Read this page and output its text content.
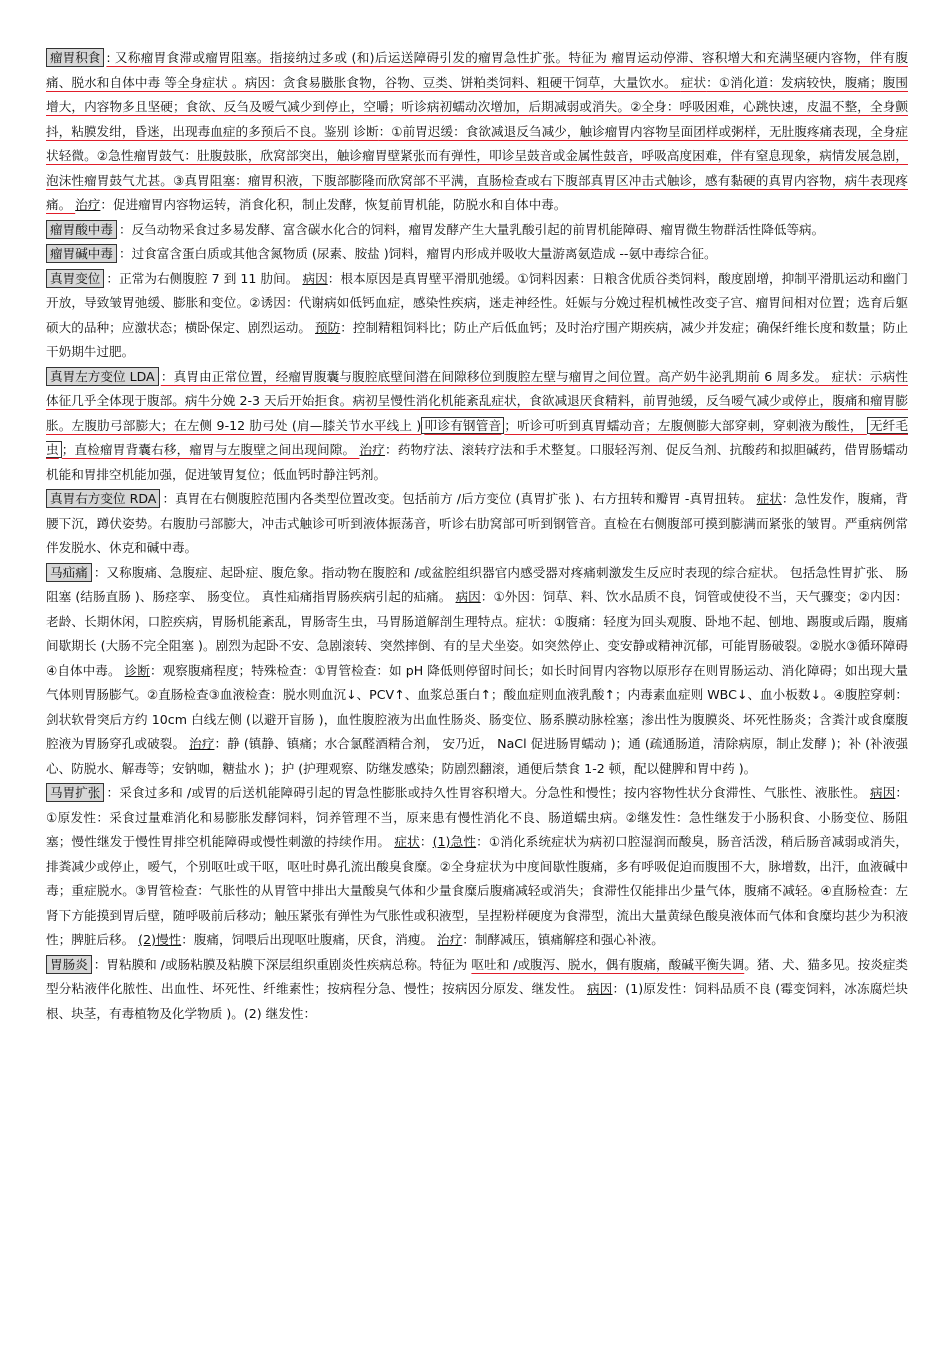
瘤胃积食 : 又称瘤胃食滞或瘤胃阻塞。指接纳过多或 (和)后运送障碍引发的瘤胃急性扩张。特征为 瘤胃运动停滞、容积增大和充满坚硬内容物，伴有腹痛、脱水和自体中毒 等全身症状 。病因：贪食易臌胀食物，谷物、豆类、饼粕类饲料、粗硬干饲草，大量饮水。 症状：①消化道：发病较快，腹痛；腹围增大，内容物多且坚硬；食欲、反刍及嗳气减少到停止，空嚼；听诊病初蠕动次增加，后期减弱或消失。②全身：呼吸困难，心跳快速，皮温不整，全身颤抖，粘膜发绀，昏迷，出现毒血症的多预后不良。鉴别 诊断：①前胃迟缓：食欲减退反刍减少，触诊瘤胃内容物呈面团样或粥样，无肚腹疼痛表现，全身症状轻微。②急性瘤胃鼓气：肚腹鼓胀，欣窝部突出，触诊瘤胃壁紧张而有弹性，叩诊呈鼓音或金属性鼓音，呼吸高度困难，伴有窒息现象，病情发展急剧，泡沫性瘤胃鼓气尤甚。③真胃阻塞：瘤胃积液，下腹部膨隆而欣窝部不平满，直肠检查或右下腹部真胃区冲击式触诊，感有黏硬的真胃内容物，病牛表现疼痛。 治疗：促进瘤胃内容物运转，消食化积，制止发酵，恢复前胃机能，防脱水和自体中毒。

瘤胃酸中毒 ：反刍动物采食过多易发酵、富含碳水化合的饲料，瘤胃发酵产生大量乳酸引起的前胃机能障碍、瘤胃微生物群活性降低等病。

瘤胃碱中毒 ：过食富含蛋白质或其他含氮物质 (尿素、胺盐 )饲料，瘤胃内形成并吸收大量游离氨造成 --氨中毒综合征。

真胃变位 ：正常为右侧腹腔 7 到 11 肋间。 病因：根本原因是真胃壁平滑肌弛缓。①饲料因素：日粮含优质谷类饲料，酸度剧增，抑制平滑肌运动和幽门开放，导致皱胃弛缓、膨胀和变位。②诱因：代谢病如低钙血症，感染性疾病，迷走神经性。妊娠与分娩过程机械性改变子宫、瘤胃间相对位置；选育后躯硕大的品种；应激状态；横卧保定、剧烈运动。 预防：控制精粗饲料比；防止产后低血钙；及时治疗围产期疾病，减少并发症；确保纤维长度和数量；防止干奶期牛过肥。

真胃左方变位 LDA ：真胃由正常位置，经瘤胃腹囊与腹腔底壁间潜在间隙移位到腹腔左壁与瘤胃之间位置。高产奶牛泌乳期前 6 周多发。 症状：示病性体征几乎全体现于腹部。病牛分娩 2-3 天后开始拒食。病初呈慢性消化机能紊乱症状，食欲减退厌食精料，前胃弛缓，反刍嗳气减少或停止，腹痛和瘤胃膨胀。左腹肋弓部膨大；在左侧 9-12 肋弓处 (肩—膝关节水平线上 ) 叩诊有钢管音 ；听诊可听到真胃蠕动音；左腹侧膨大部穿刺，穿刺液为酸性， 无纤毛虫 ；直检瘤胃背囊右移，瘤胃与左腹壁之间出现间隙。 治疗：药物疗法、滚转疗法和手术整复。口服轻泻剂、促反刍剂、抗酸药和拟胆碱药，借胃肠蠕动机能和胃排空机能加强，促进皱胃复位；低血钙时静注钙剂。

真胃右方变位 RDA ：真胃在右侧腹腔范围内各类型位置改变。包括前方 /后方变位 (真胃扩张 )、右方扭转和瓣胃 -真胃扭转。 症状：急性发作，腹痛，背腰下沉，蹲伏姿势。右腹肋弓部膨大，冲击式触诊可听到液体振荡音，听诊右肋窝部可听到钢管音。直检在右侧腹部可摸到膨满而紧张的皱胃。严重病例常伴发脱水、休克和碱中毒。

马疝痛 ：又称腹痛、急腹症、起卧症、腹危象。指动物在腹腔和 /或盆腔组织器官内感受器对疼痛刺激发生反应时表现的综合症状。 包括急性胃扩张、 肠阻塞 (结肠直肠 )、肠痉挛、 肠变位。 真性疝痛指胃肠疾病引起的疝痛。 病因：①外因：饲草、料、饮水品质不良，饲管或使役不当，天气骤变；②内因：老龄、长期休闲，口腔疾病，胃肠机能紊乱，胃肠寄生虫，马胃肠道解剖生理特点。症状：①腹痛：轻度为回头观腹、卧地不起、刨地、踢腹或后蹋，腹痛间歇期长 (大肠不完全阻塞 )。剧烈为起卧不安、急剧滚转、突然摔倒、有的呈犬坐姿。如突然停止、变安静或精神沉郁，可能胃肠破裂。②脱水③循环障碍④自体中毒。 诊断：观察腹痛程度；特殊检查：①胃管检查：如 pH 降低则停留时间长；如长时间胃内容物以原形存在则胃肠运动、消化障碍；如出现大量气体则胃肠膨气。②直肠检查③血液检查：脱水则血沉↓、PCV↑、血浆总蛋白↑；酸血症则血液乳酸↑；内毒素血症则 WBC↓、血小板数↓。④腹腔穿刺：剑状软骨突后方约 10cm 白线左侧 (以避开盲肠 )，血性腹腔液为出血性肠炎、肠变位、肠系膜动脉栓塞；渗出性为腹膜炎、坏死性肠炎；含粪汁或食糜腹腔液为胃肠穿孔或破裂。 治疗：静 (镇静、镇痛；水合氯醛酒精合剂， 安乃近， NaCl 促进肠胃蠕动 )；通 (疏通肠道，清除病原，制止发酵 )；补 (补液强心、防脱水、解毒等；安钠咖，糖盐水 )；护 (护理观察、防继发感染；防剧烈翻滚，通便后禁食 1-2 顿，配以健脾和胃中药 )。

马胃扩张 ：采食过多和 /或胃的后送机能障碍引起的胃急性膨胀或持久性胃容积增大。分急性和慢性；按内容物性状分食滞性、气胀性、液胀性。 病因：①原发性：采食过量难消化和易膨胀发酵饲料，饲养管理不当，原来患有慢性消化不良、肠道蠕虫病。②继发性：急性继发于小肠积食、小肠变位、肠阻塞；慢性继发于慢性胃排空机能障碍或慢性刺激的持续作用。 症状：(1)急性：①消化系统症状为病初口腔湿润而酸臭，肠音活泼，稍后肠音减弱或消失，排粪减少或停止，嗳气，个别呕吐或干呕，呕吐时鼻孔流出酸臭食糜。②全身症状为中度间歇性腹痛，多有呼吸促迫而腹围不大，脉增数，出汗，血液碱中毒；重症脱水。③胃管检查：气胀性的从胃管中排出大量酸臭气体和少量食糜后腹痛减轻或消失；食滞性仅能排出少量气体，腹痛不减轻。④直肠检查：左肾下方能摸到胃后壁，随呼吸前后移动；触压紧张有弹性为气胀性或积液型，呈捏粉样硬度为食滞型，流出大量黄绿色酸臭液体而气体和食糜均甚少为积液性；脾脏后移。 (2)慢性：腹痛，饲喂后出现呕吐腹痛，厌食，消瘦。 治疗：制酵减压，镇痛解痉和强心补液。

胃肠炎 ：胃粘膜和 /或肠粘膜及粘膜下深层组织重剧炎性疾病总称。特征为 呕吐和 /或腹泻、脱水，偶有腹痛，酸碱平衡失调。猪、犬、猫多见。按炎症类型分粘液伴化脓性、出血性、坏死性、纤维素性；按病程分急、慢性；按病因分原发、继发性。 病因：(1)原发性：饲料品质不良 (霉变饲料，冰冻腐烂块根、块茎，有毒植物及化学物质 )。(2) 继发性：
